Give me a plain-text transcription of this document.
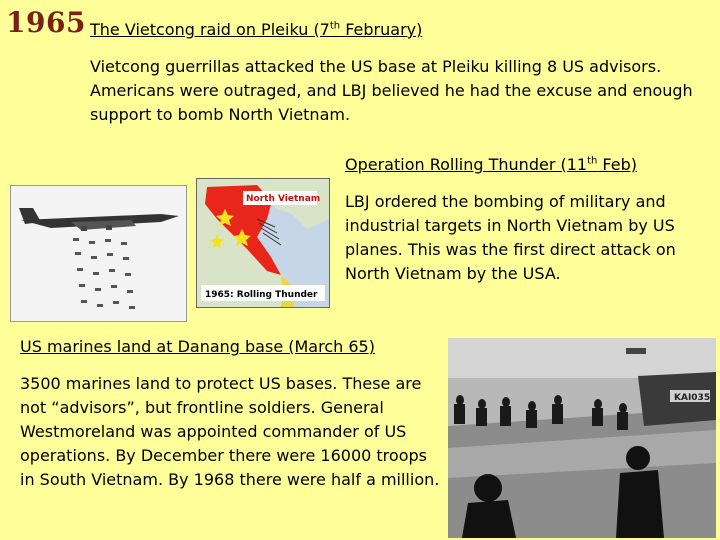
1965 The Vietcong raid on Pleiku (7th February)
Vietcong guerrillas attacked the US base at Pleiku killing 8 US advisors. Americans were outraged, and LBJ believed he had the excuse and enough support to bomb North Vietnam.
Operation Rolling Thunder (11th Feb)
LBJ ordered the bombing of military and industrial targets in North Vietnam by US planes. This was the first direct attack on North Vietnam by the USA.
US marines land at Danang base (March 65)
3500 marines land to protect US bases. These are not “advisors”, but frontline soldiers. General Westmoreland was appointed commander of US operations. By December there were 16000 troops in South Vietnam. By 1968 there were half a million.
North Vietnam
1965: Rolling Thunder
KAI035
